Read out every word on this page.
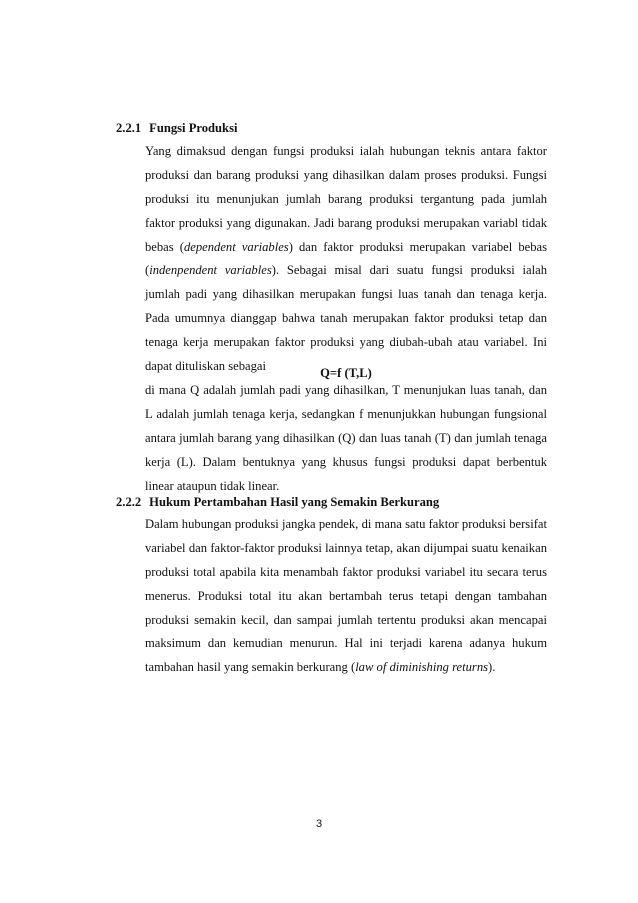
2.2.1 Fungsi Produksi
Yang dimaksud dengan fungsi produksi ialah hubungan teknis antara faktor
produksi dan barang produksi yang dihasilkan dalam proses produksi. Fungsi
produksi itu menunjukan jumlah barang produksi tergantung pada jumlah
faktor produksi yang digunakan. Jadi barang produksi merupakan variabl tidak
bebas (dependent variables) dan faktor produksi merupakan variabel bebas
(indenpendent variables). Sebagai misal dari suatu fungsi produksi ialah
jumlah padi yang dihasilkan merupakan fungsi luas tanah dan tenaga kerja.
Pada umumnya dianggap bahwa tanah merupakan faktor produksi tetap dan
tenaga kerja merupakan faktor produksi yang diubah-ubah atau variabel. Ini
dapat dituliskan sebagai	Q=f (T,L)
di mana Q adalah jumlah padi yang dihasilkan, T menunjukan luas tanah, dan
L adalah jumlah tenaga kerja, sedangkan f menunjukkan hubungan fungsional
antara jumlah barang yang dihasilkan (Q) dan luas tanah (T) dan jumlah tenaga
kerja (L). Dalam bentuknya yang khusus fungsi produksi dapat berbentuk
linear ataupun tidak linear.
2.2.2 Hukum Pertambahan Hasil yang Semakin Berkurang
Dalam hubungan produksi jangka pendek, di mana satu faktor produksi bersifat
variabel dan faktor-faktor produksi lainnya tetap, akan dijumpai suatu kenaikan
produksi total apabila kita menambah faktor produksi variabel itu secara terus
menerus. Produksi total itu akan bertambah terus tetapi dengan tambahan
produksi semakin kecil, dan sampai jumlah tertentu produksi akan mencapai
maksimum dan kemudian menurun. Hal ini terjadi karena adanya hukum
tambahan hasil yang semakin berkurang (law of diminishing returns).
3
